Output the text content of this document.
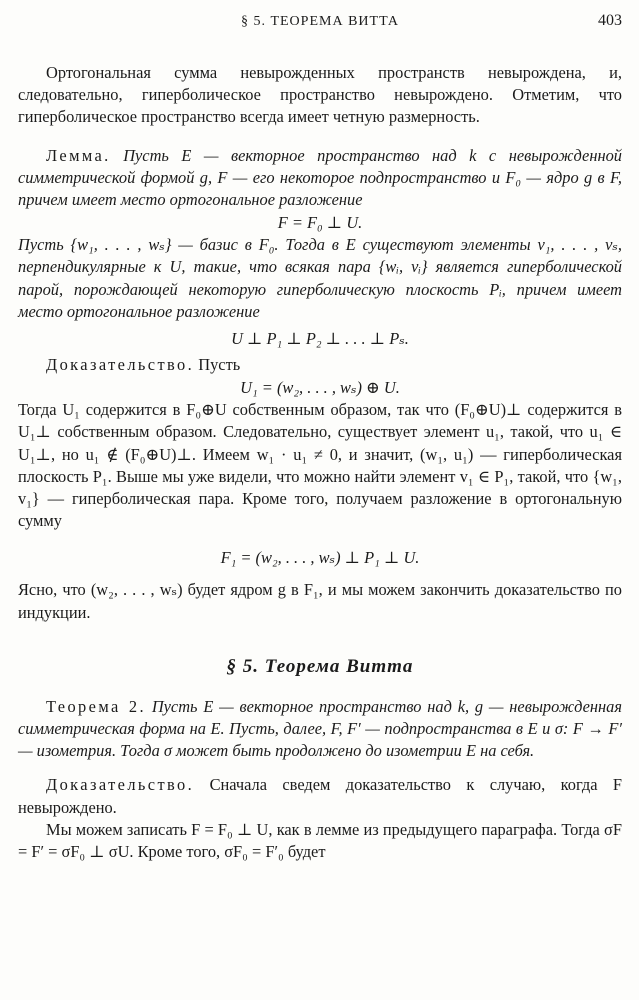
§ 5. ТЕОРЕМА ВИТТА	403

Ортогональная сумма невырожденных пространств невырождена, и, следовательно, гиперболическое пространство невырождено. Отметим, что гиперболическое пространство всегда имеет четную размерность.

Лемма. Пусть E — векторное пространство над k с невырожденной симметрической формой g, F — его некоторое подпространство и F₀ — ядро g в F, причем имеет место ортогональное разложение

F = F₀ ⊥ U.

Пусть {w₁, . . . , wₛ} — базис в F₀. Тогда в E существуют элементы v₁, . . . , vₛ, перпендикулярные к U, такие, что всякая пара {wᵢ, vᵢ} является гиперболической парой, порождающей некоторую гиперболическую плоскость Pᵢ, причем имеет место ортогональное разложение

U ⊥ P₁ ⊥ P₂ ⊥ . . . ⊥ Pₛ.

Доказательство. Пусть

U₁ = (w₂, . . . , wₛ) ⊕ U.

Тогда U₁ содержится в F₀⊕U собственным образом, так что (F₀⊕U)⊥ содержится в U₁⊥ собственным образом. Следовательно, существует элемент u₁, такой, что u₁ ∈ U₁⊥, но u₁ ∉ (F₀⊕U)⊥. Имеем w₁ · u₁ ≠ 0, и значит, (w₁, u₁) — гиперболическая плоскость P₁. Выше мы уже видели, что можно найти элемент v₁ ∈ P₁, такой, что {w₁, v₁} — гиперболическая пара. Кроме того, получаем разложение в ортогональную сумму

F₁ = (w₂, . . . , wₛ) ⊥ P₁ ⊥ U.

Ясно, что (w₂, . . . , wₛ) будет ядром g в F₁, и мы можем закончить доказательство по индукции.

§ 5. Теорема Витта

Теорема 2. Пусть E — векторное пространство над k, g — невырожденная симметрическая форма на E. Пусть, далее, F, F′ — подпространства в E и σ: F → F′ — изометрия. Тогда σ может быть продолжено до изометрии E на себя.

Доказательство. Сначала сведем доказательство к случаю, когда F невырождено.

Мы можем записать F = F₀ ⊥ U, как в лемме из предыдущего параграфа. Тогда σF = F′ = σF₀ ⊥ σU. Кроме того, σF₀ = F′₀ будет
